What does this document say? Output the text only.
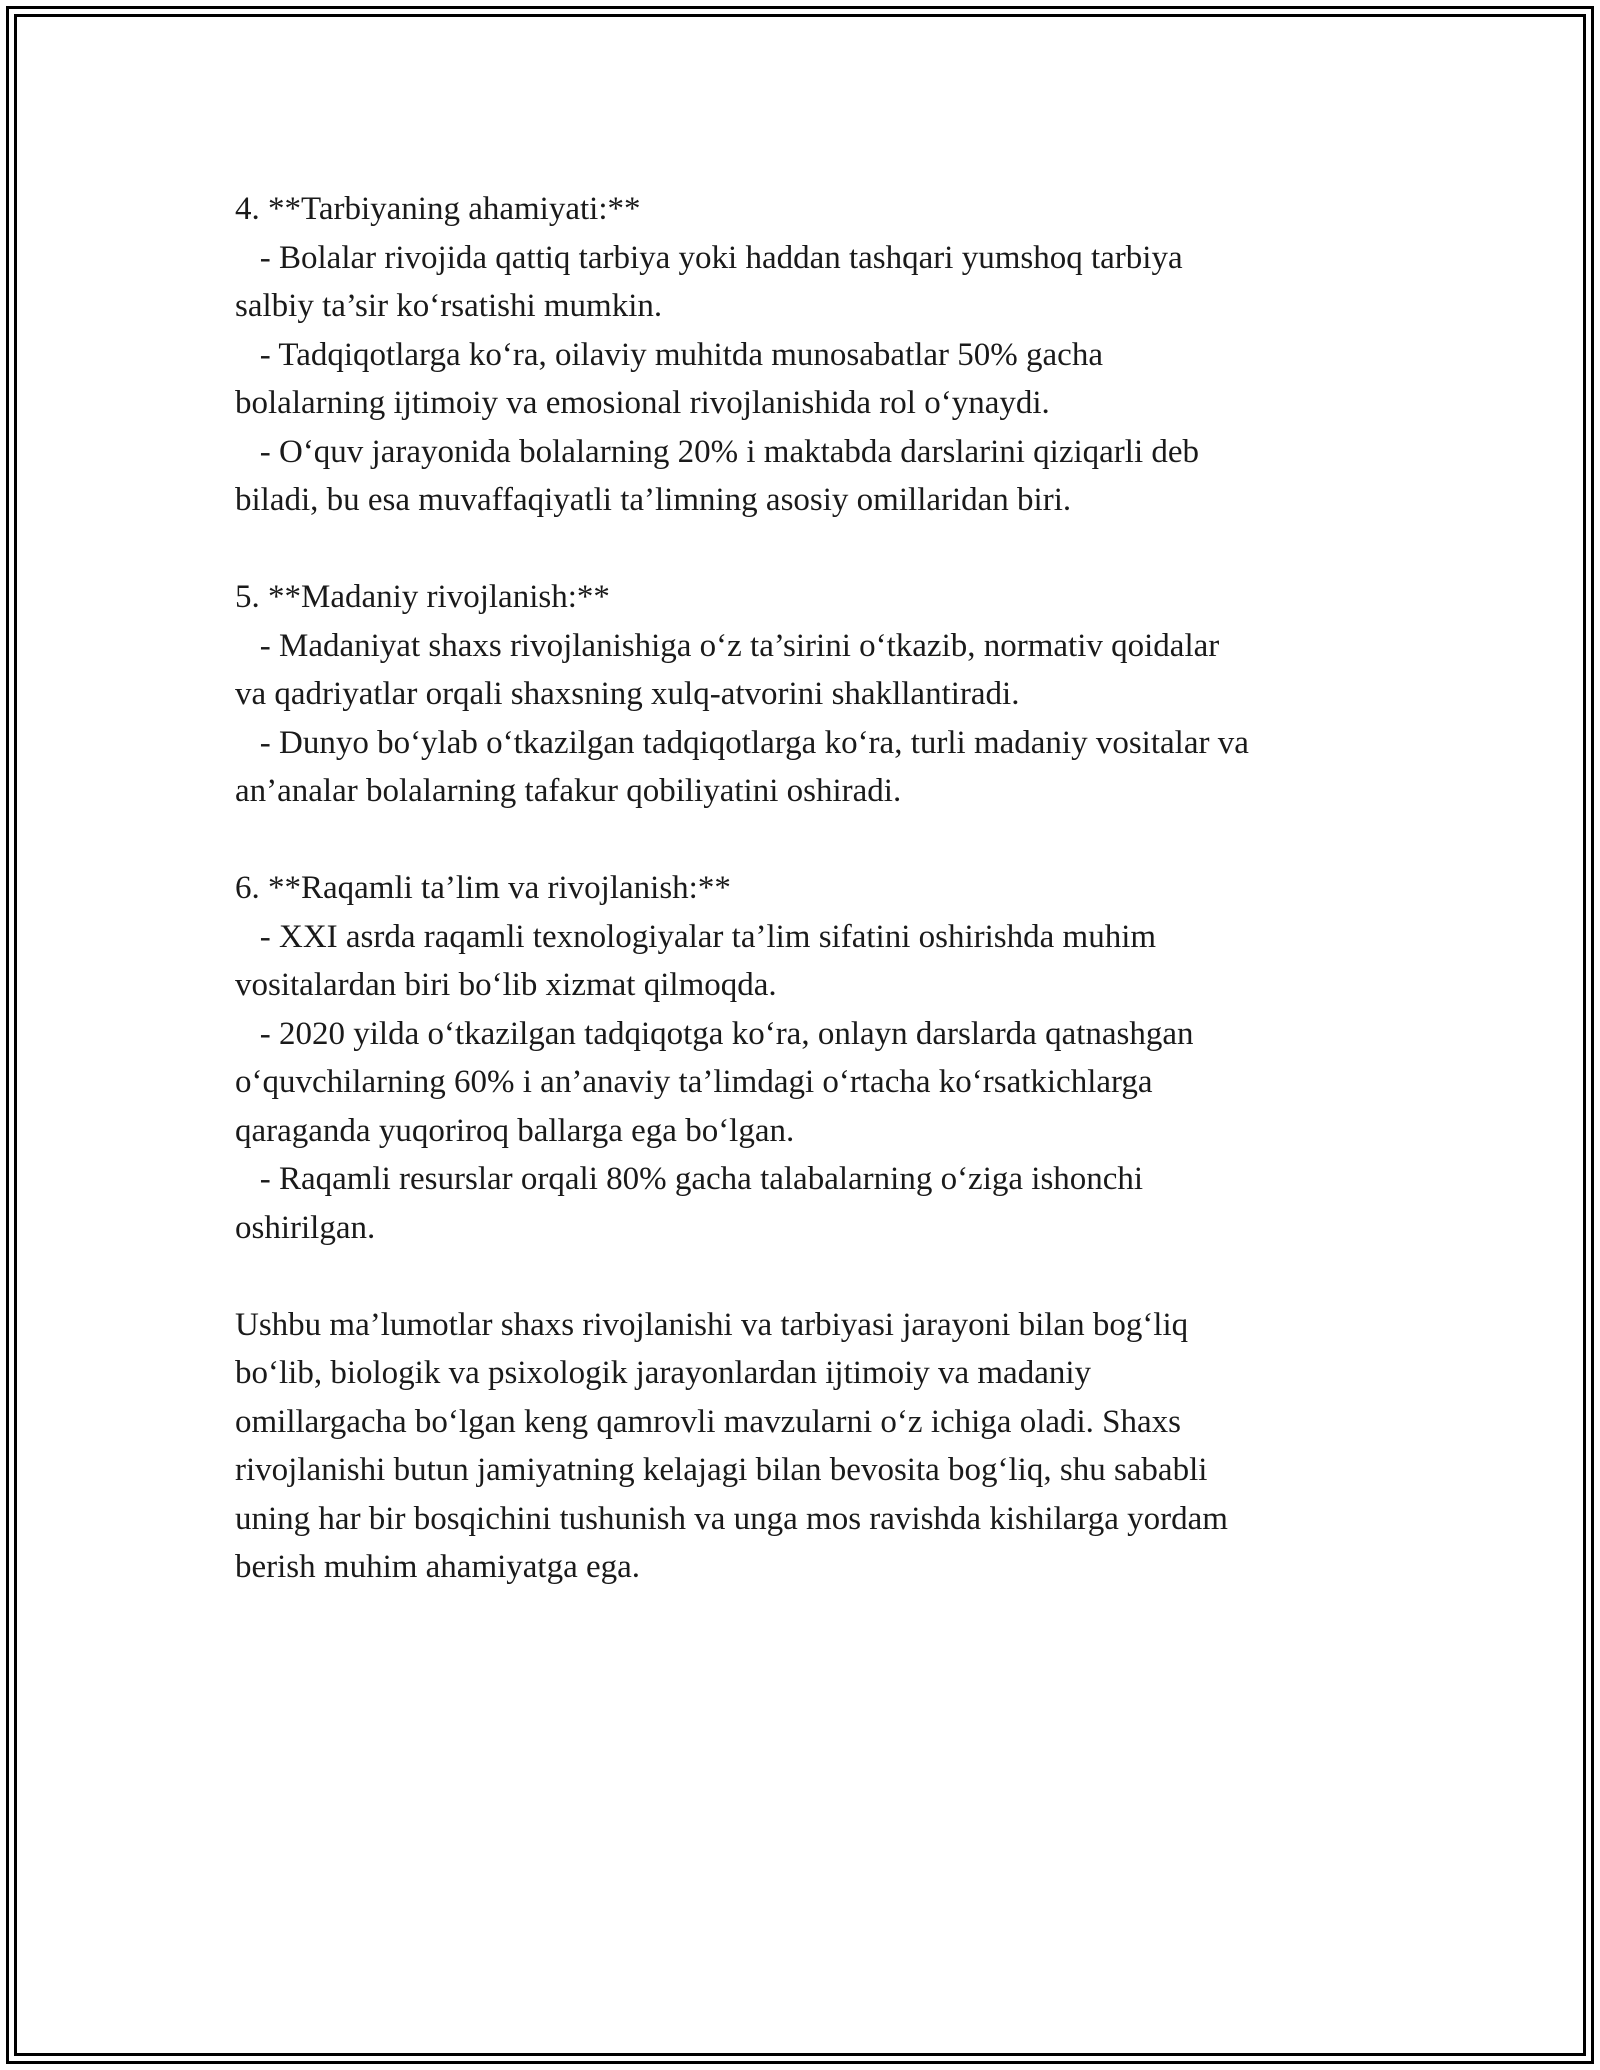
4. **Tarbiyaning ahamiyati:**
- Bolalar rivojida qattiq tarbiya yoki haddan tashqari yumshoq tarbiya
salbiy ta’sir ko‘rsatishi mumkin.
- Tadqiqotlarga ko‘ra, oilaviy muhitda munosabatlar 50% gacha
bolalarning ijtimoiy va emosional rivojlanishida rol o‘ynaydi.
- O‘quv jarayonida bolalarning 20% i maktabda darslarini qiziqarli deb
biladi, bu esa muvaffaqiyatli ta’limning asosiy omillaridan biri.
5. **Madaniy rivojlanish:**
- Madaniyat shaxs rivojlanishiga o‘z ta’sirini o‘tkazib, normativ qoidalar
va qadriyatlar orqali shaxsning xulq-atvorini shakllantiradi.
- Dunyo bo‘ylab o‘tkazilgan tadqiqotlarga ko‘ra, turli madaniy vositalar va
an’analar bolalarning tafakur qobiliyatini oshiradi.
6. **Raqamli ta’lim va rivojlanish:**
- XXI asrda raqamli texnologiyalar ta’lim sifatini oshirishda muhim
vositalardan biri bo‘lib xizmat qilmoqda.
- 2020 yilda o‘tkazilgan tadqiqotga ko‘ra, onlayn darslarda qatnashgan
o‘quvchilarning 60% i an’anaviy ta’limdagi o‘rtacha ko‘rsatkichlarga
qaraganda yuqoriroq ballarga ega bo‘lgan.
- Raqamli resurslar orqali 80% gacha talabalarning o‘ziga ishonchi
oshirilgan.
Ushbu ma’lumotlar shaxs rivojlanishi va tarbiyasi jarayoni bilan bog‘liq
bo‘lib, biologik va psixologik jarayonlardan ijtimoiy va madaniy
omillargacha bo‘lgan keng qamrovli mavzularni o‘z ichiga oladi. Shaxs
rivojlanishi butun jamiyatning kelajagi bilan bevosita bog‘liq, shu sababli
uning har bir bosqichini tushunish va unga mos ravishda kishilarga yordam
berish muhim ahamiyatga ega.
